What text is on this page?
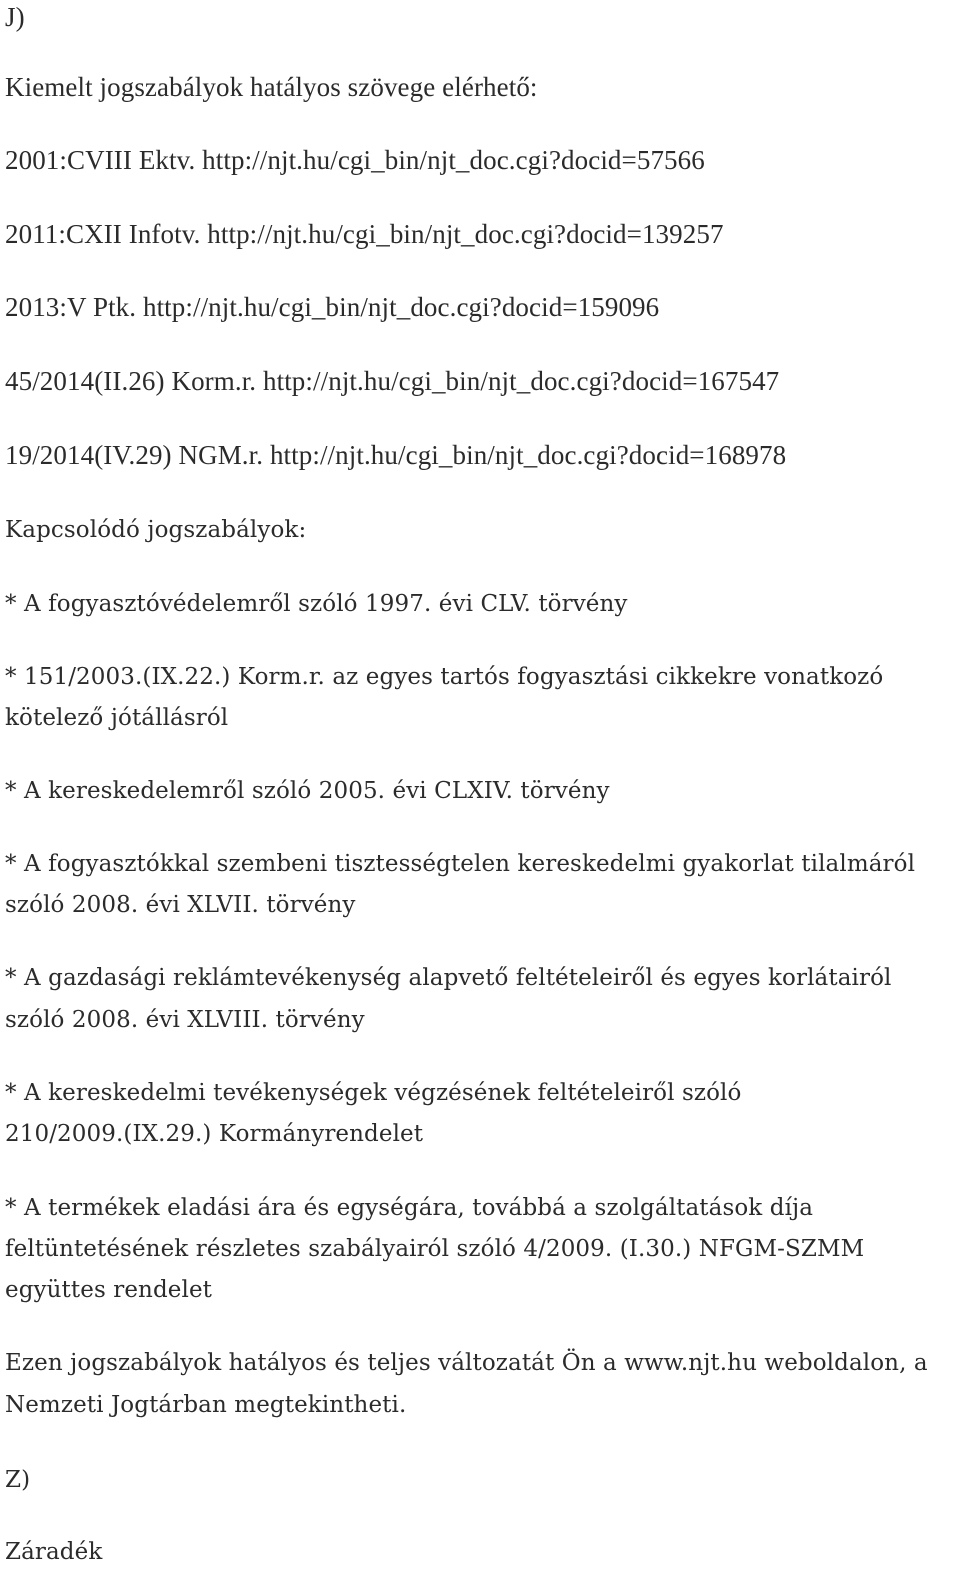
J)
Kiemelt jogszabályok hatályos szövege elérhető:
2001:CVIII Ektv. http://njt.hu/cgi_bin/njt_doc.cgi?docid=57566
2011:CXII Infotv. http://njt.hu/cgi_bin/njt_doc.cgi?docid=139257
2013:V Ptk. http://njt.hu/cgi_bin/njt_doc.cgi?docid=159096
45/2014(II.26) Korm.r. http://njt.hu/cgi_bin/njt_doc.cgi?docid=167547
19/2014(IV.29) NGM.r. http://njt.hu/cgi_bin/njt_doc.cgi?docid=168978
Kapcsolódó jogszabályok:
* A fogyasztóvédelemről szóló 1997. évi CLV. törvény
* 151/2003.(IX.22.) Korm.r. az egyes tartós fogyasztási cikkekre vonatkozó
kötelező jótállásról
* A kereskedelemről szóló 2005. évi CLXIV. törvény
* A fogyasztókkal szembeni tisztességtelen kereskedelmi gyakorlat tilalmáról
szóló 2008. évi XLVII. törvény
* A gazdasági reklámtevékenység alapvető feltételeiről és egyes korlátairól
szóló 2008. évi XLVIII. törvény
* A kereskedelmi tevékenységek végzésének feltételeiről szóló
210/2009.(IX.29.) Kormányrendelet
* A termékek eladási ára és egységára, továbbá a szolgáltatások díja
feltüntetésének részletes szabályairól szóló 4/2009. (I.30.) NFGM-SZMM
együttes rendelet
Ezen jogszabályok hatályos és teljes változatát Ön a www.njt.hu weboldalon, a
Nemzeti Jogtárban megtekintheti.
Z)
Záradék
